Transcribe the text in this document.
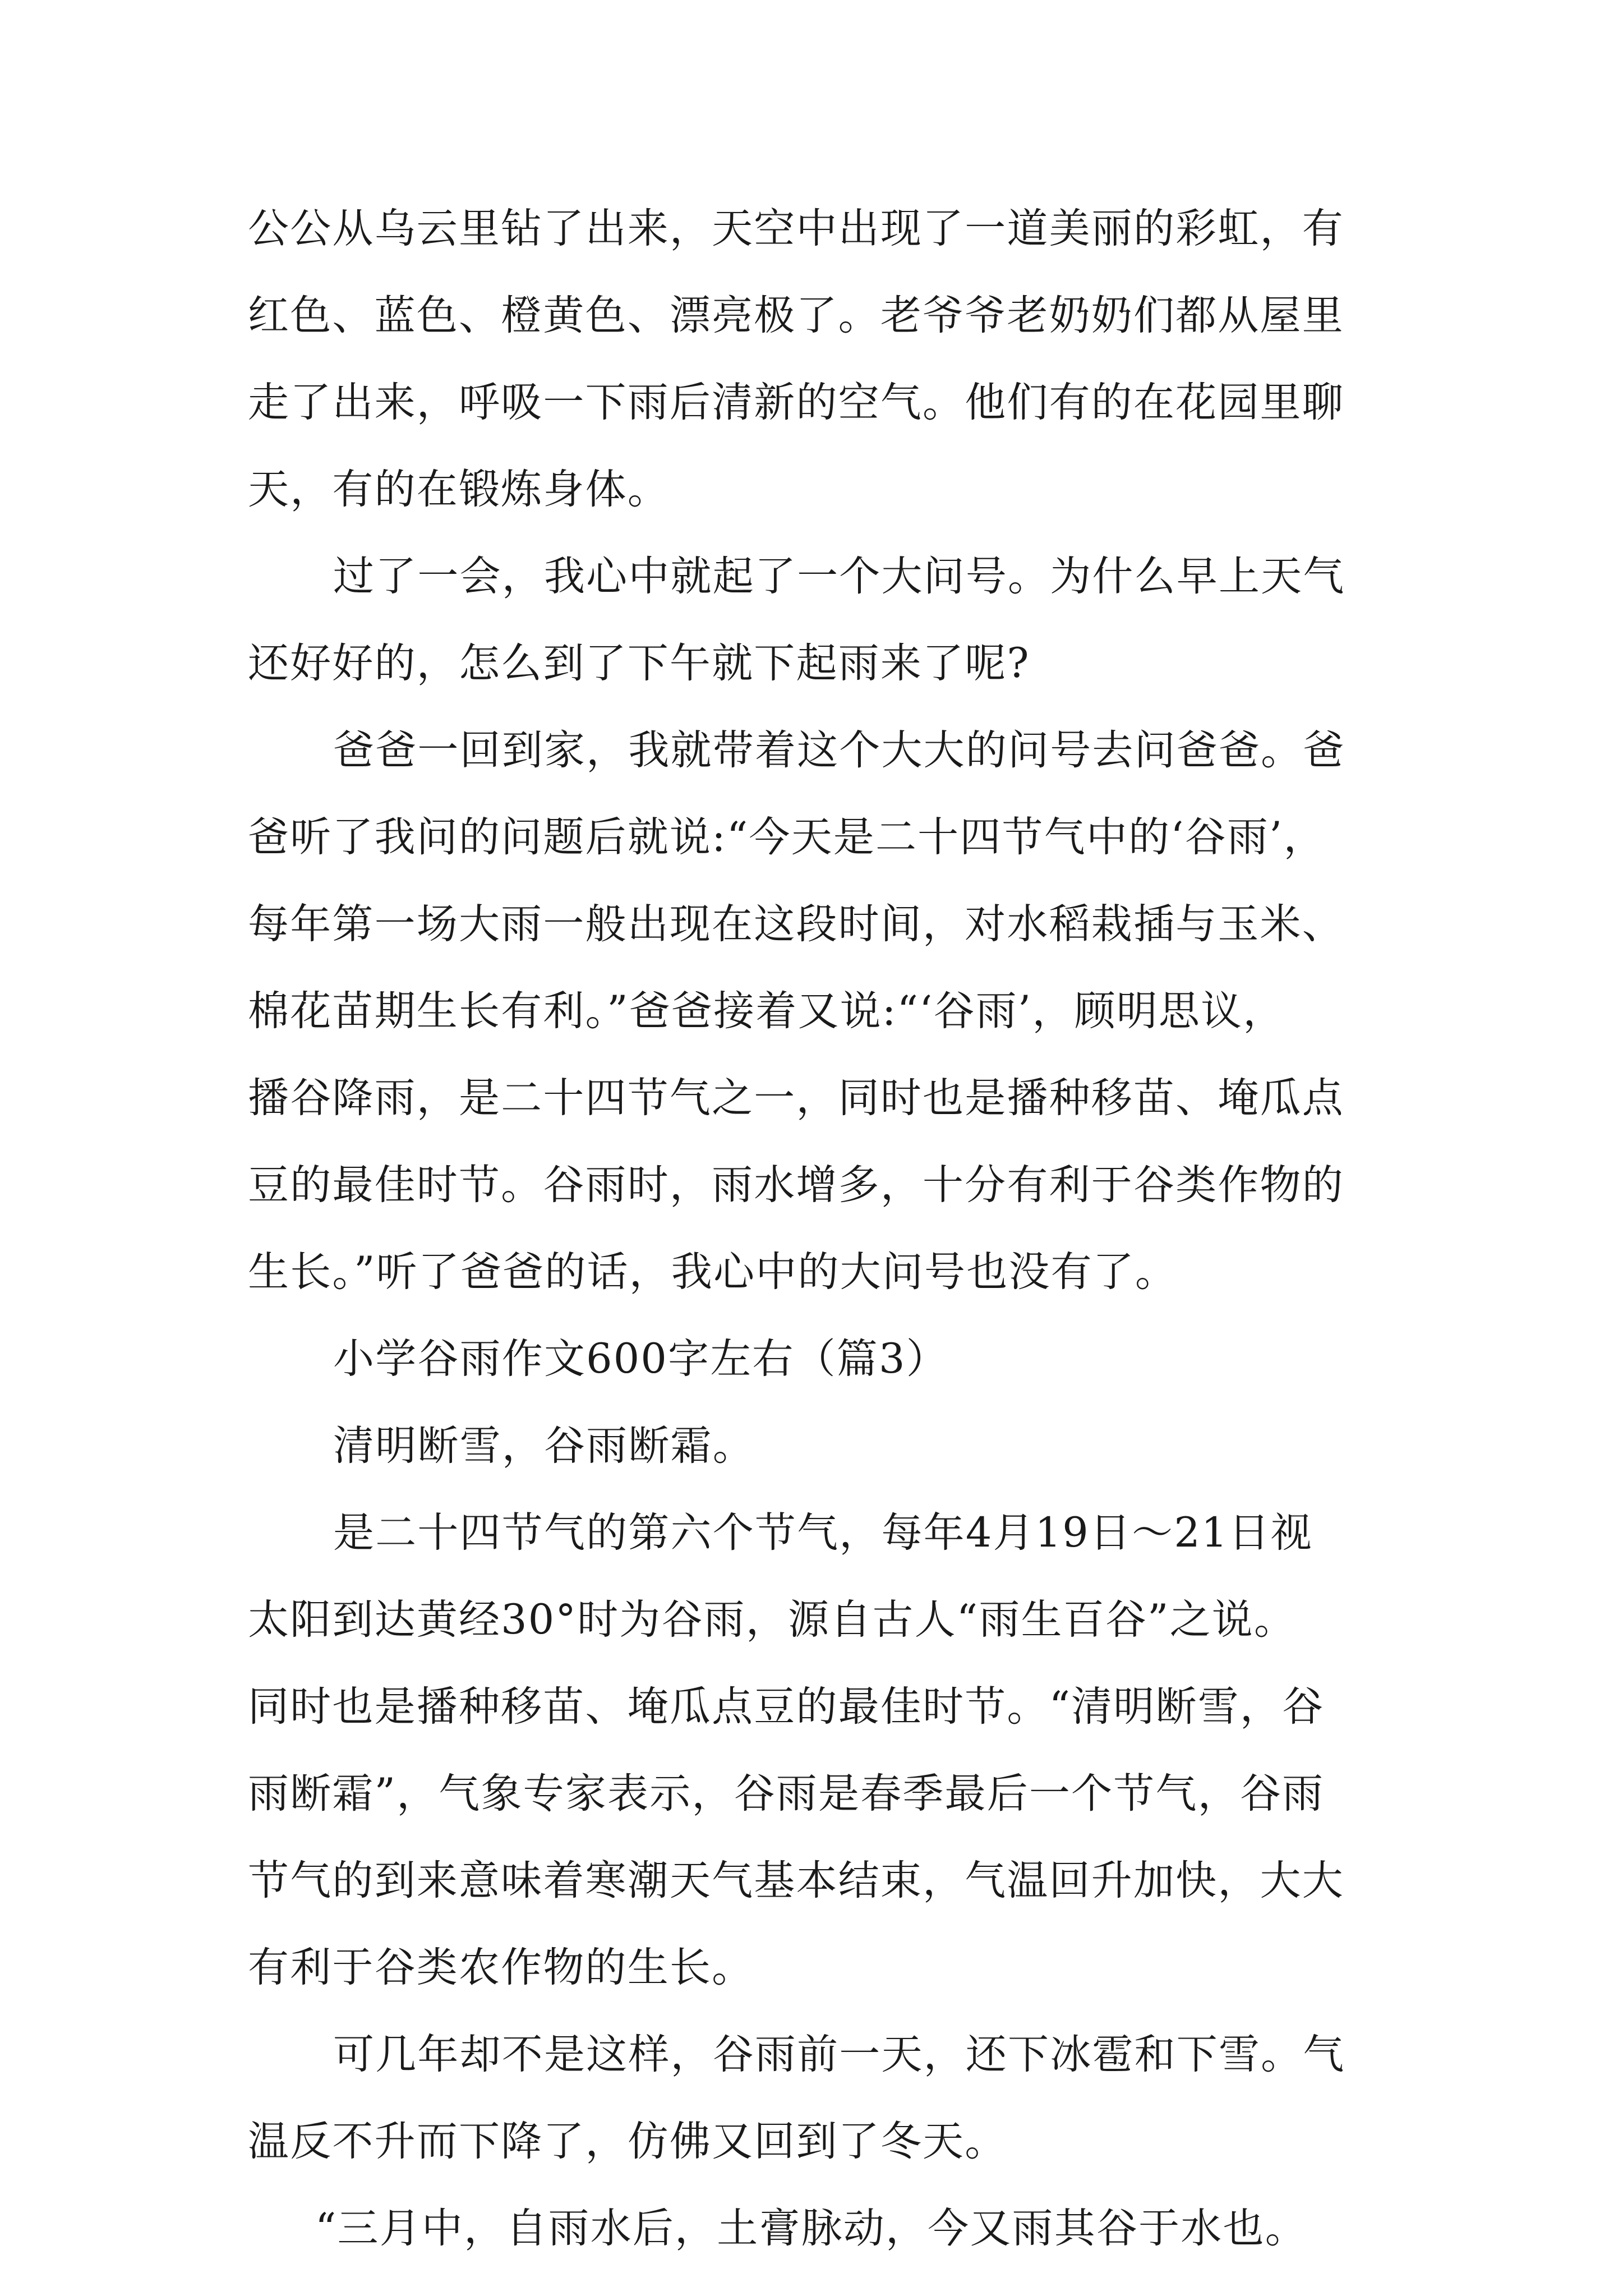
公公从乌云里钻了出来，天空中出现了一道美丽的彩虹，有
红色、蓝色、橙黄色、漂亮极了。老爷爷老奶奶们都从屋里
走了出来，呼吸一下雨后清新的空气。他们有的在花园里聊
天，有的在锻炼身体。
过了一会，我心中就起了一个大问号。为什么早上天气
还好好的，怎么到了下午就下起雨来了呢?
爸爸一回到家，我就带着这个大大的问号去问爸爸。爸
爸听了我问的问题后就说:“今天是二十四节气中的‘谷雨’，
每年第一场大雨一般出现在这段时间，对水稻栽插与玉米、
棉花苗期生长有利。”爸爸接着又说:“‘谷雨’，顾明思议，
播谷降雨，是二十四节气之一，同时也是播种移苗、埯瓜点
豆的最佳时节。谷雨时，雨水增多，十分有利于谷类作物的
生长。”听了爸爸的话，我心中的大问号也没有了。
小学谷雨作文600字左右（篇3）
清明断雪，谷雨断霜。
是二十四节气的第六个节气，每年4月19日～21日视
太阳到达黄经30°时为谷雨，源自古人“雨生百谷”之说。
同时也是播种移苗、埯瓜点豆的最佳时节。“清明断雪，谷
雨断霜”，气象专家表示，谷雨是春季最后一个节气，谷雨
节气的到来意味着寒潮天气基本结束，气温回升加快，大大
有利于谷类农作物的生长。
可几年却不是这样，谷雨前一天，还下冰雹和下雪。气
温反不升而下降了，仿佛又回到了冬天。
“三月中，自雨水后，土膏脉动，今又雨其谷于水也。
